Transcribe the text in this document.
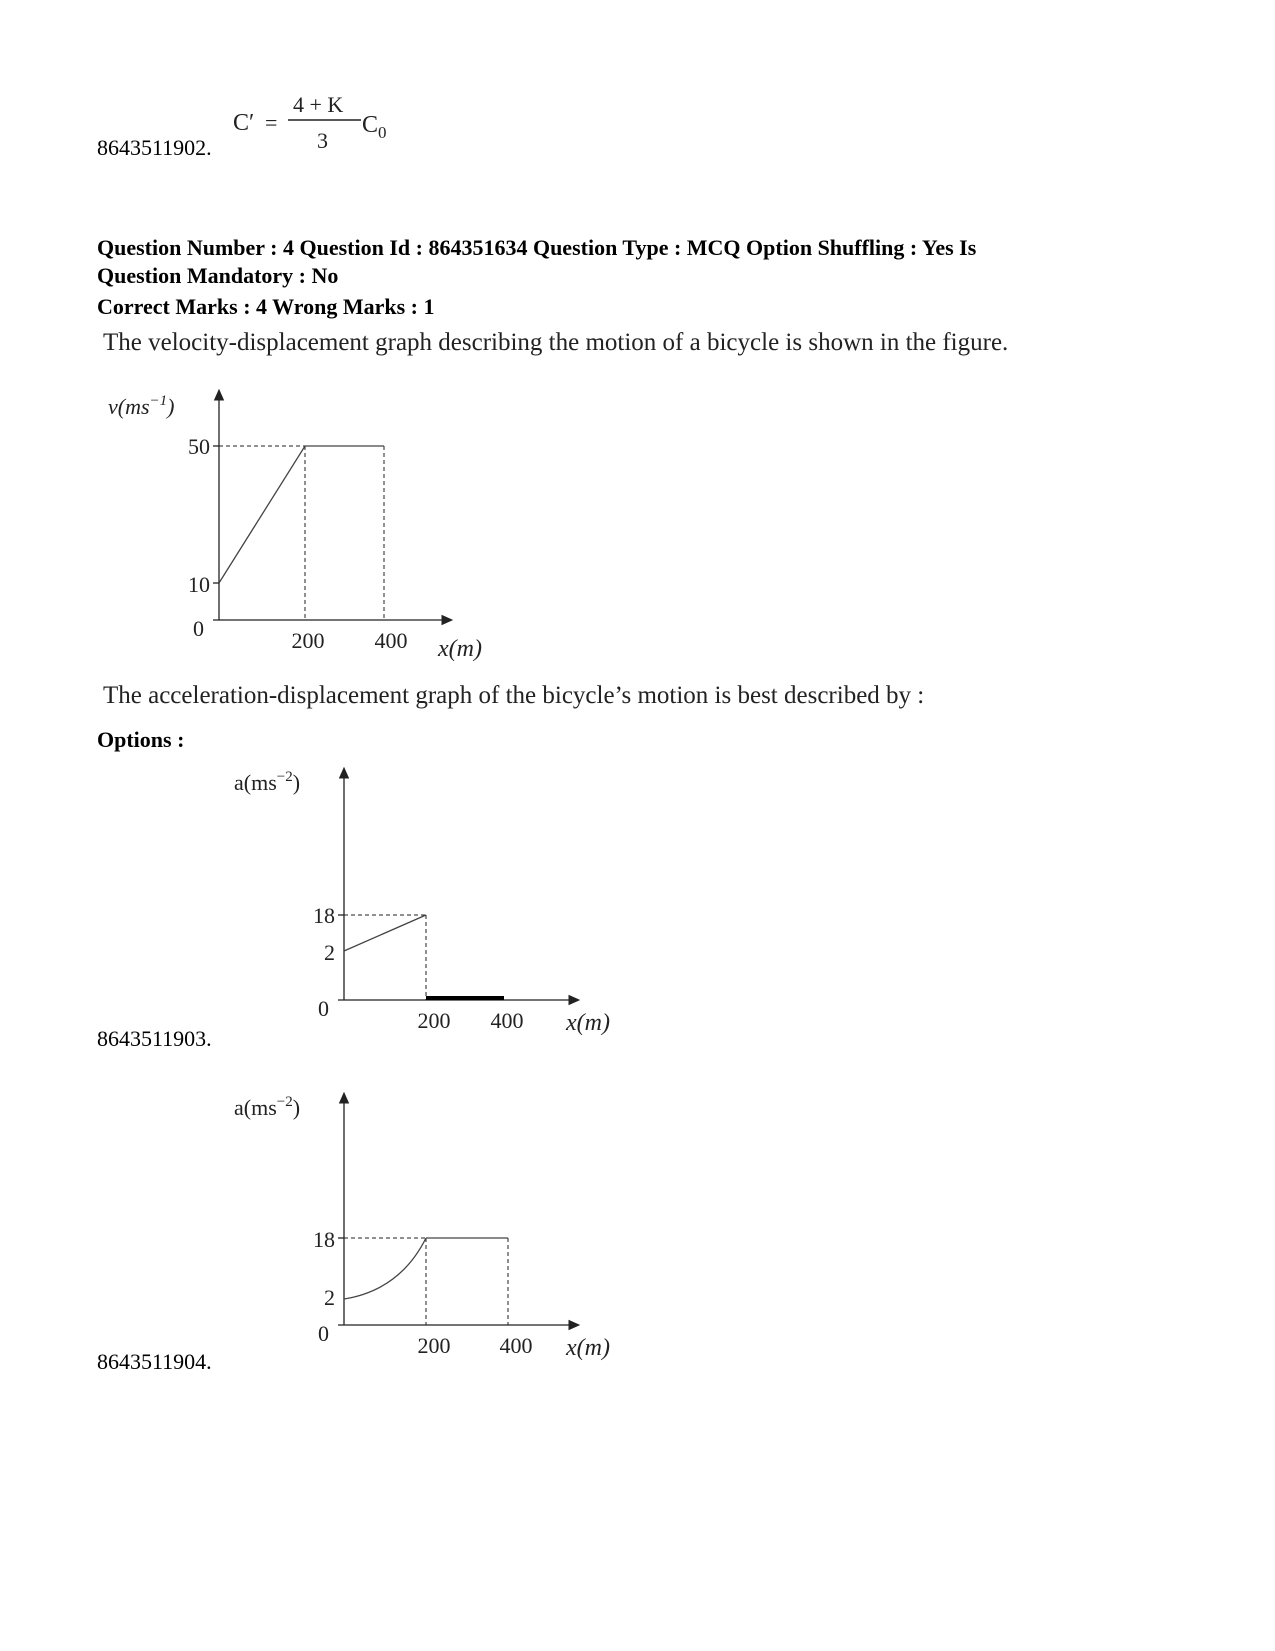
8643511902.
C′ =
4 + K
3
C 0
Question Number : 4 Question Id : 864351634 Question Type : MCQ Option Shuffling : Yes Is
Question Mandatory : No
Correct Marks : 4 Wrong Marks : 1
The velocity-displacement graph describing the motion of a bicycle is shown in the figure.
$v(ms^{-1})$
50
10
0	200 400 x(m)
The acceleration-displacement graph of the bicycle’s motion is best described by :
Options :
$a(ms^{-2})$
18
2
0	200 400 x(m)
8643511903.
$a(ms^{-2})$
18
2
0	200 400 x(m)
8643511904.
